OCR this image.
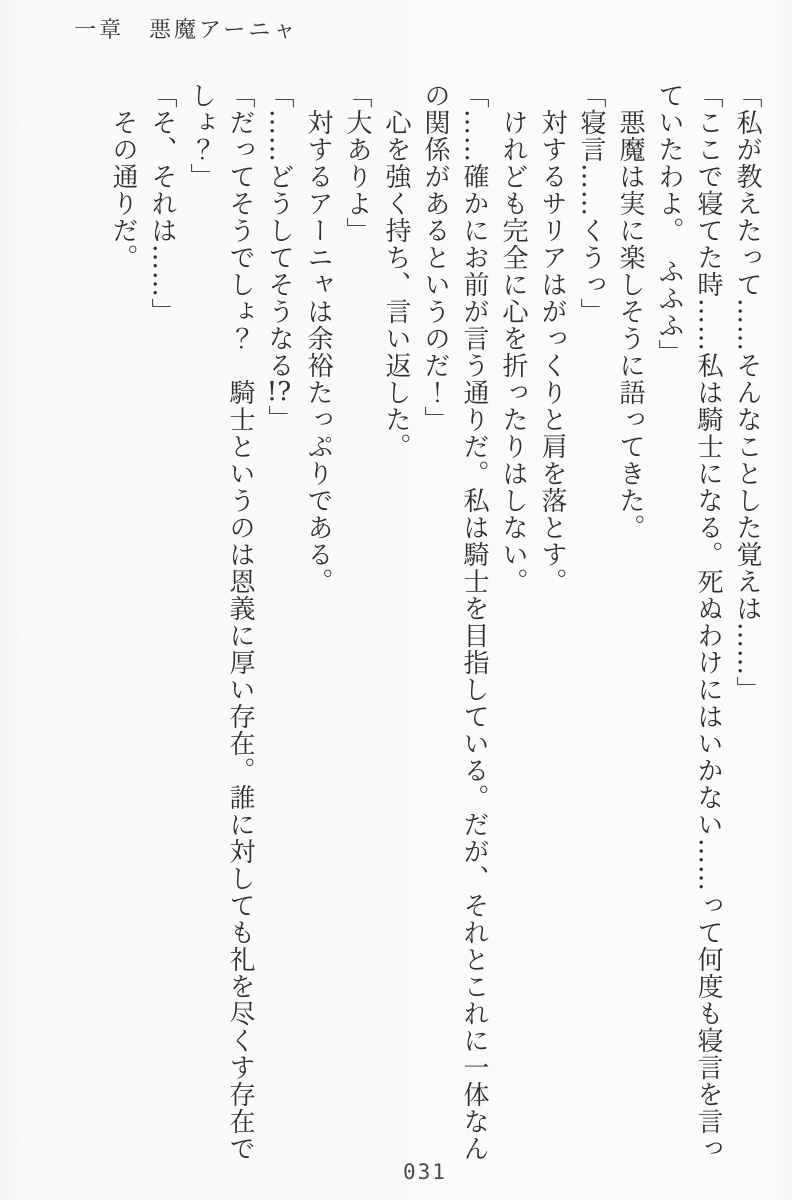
一章　悪魔アーニャ

「私が教えたって……そんなことした覚えは……」

「ここで寝てた時……私は騎士になる。死ぬわけにはいかない……って何度も寝言を言っていたわよ。　ふふふ」

悪魔は実に楽しそうに語ってきた。

「寝言……くうっ」

対するサリアはがっくりと肩を落とす。

けれども完全に心を折ったりはしない。

「……確かにお前が言う通りだ。私は騎士を目指している。だが、それとこれに一体なんの関係があるというのだ！」

心を強く持ち、言い返した。

「大ありよ」

対するアーニャは余裕たっぷりである。

「……どうしてそうなる!?」

「だってそうでしょ？　騎士というのは恩義に厚い存在。誰に対しても礼を尽くす存在でしょ？」

「そ、それは……」

その通りだ。

031
